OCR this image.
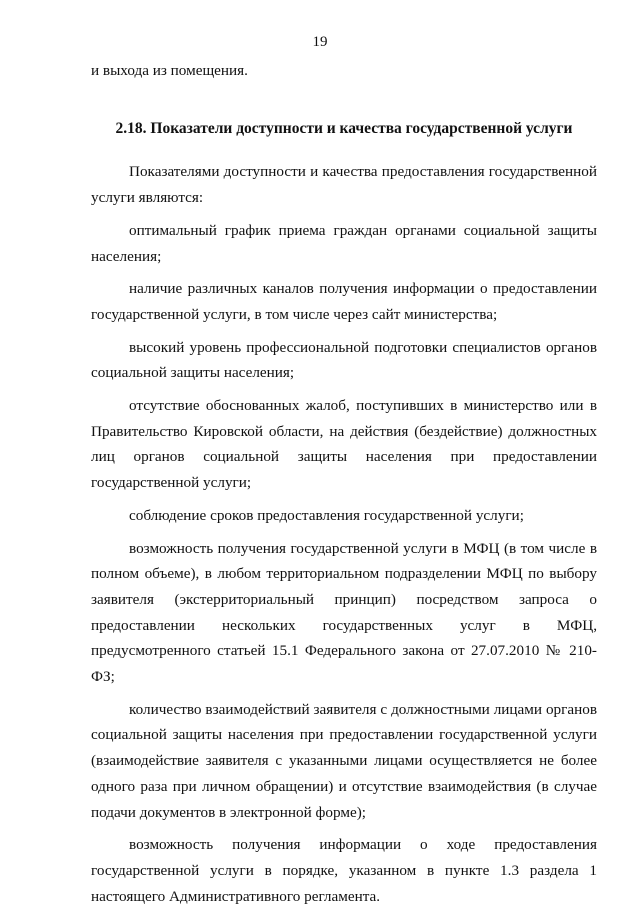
19

и выхода из помещения.

2.18. Показатели доступности и качества государственной услуги

Показателями доступности и качества предоставления государственной услуги являются:

оптимальный график приема граждан органами социальной защиты населения;

наличие различных каналов получения информации о предоставлении государственной услуги, в том числе через сайт министерства;

высокий уровень профессиональной подготовки специалистов органов социальной защиты населения;

отсутствие обоснованных жалоб, поступивших в министерство или в Правительство Кировской области, на действия (бездействие) должностных лиц органов социальной защиты населения при предоставлении государственной услуги;

соблюдение сроков предоставления государственной услуги;

возможность получения государственной услуги в МФЦ (в том числе в полном объеме), в любом территориальном подразделении МФЦ по выбору заявителя (экстерриториальный принцип) посредством запроса о предоставлении нескольких государственных услуг в МФЦ, предусмотренного статьей 15.1 Федерального закона от 27.07.2010 № 210-ФЗ;

количество взаимодействий заявителя с должностными лицами органов социальной защиты населения при предоставлении государственной услуги (взаимодействие заявителя с указанными лицами осуществляется не более одного раза при личном обращении) и отсутствие взаимодействия (в случае подачи документов в электронной форме);

возможность получения информации о ходе предоставления государственной услуги в порядке, указанном в пункте 1.3 раздела 1 настоящего Административного регламента.
